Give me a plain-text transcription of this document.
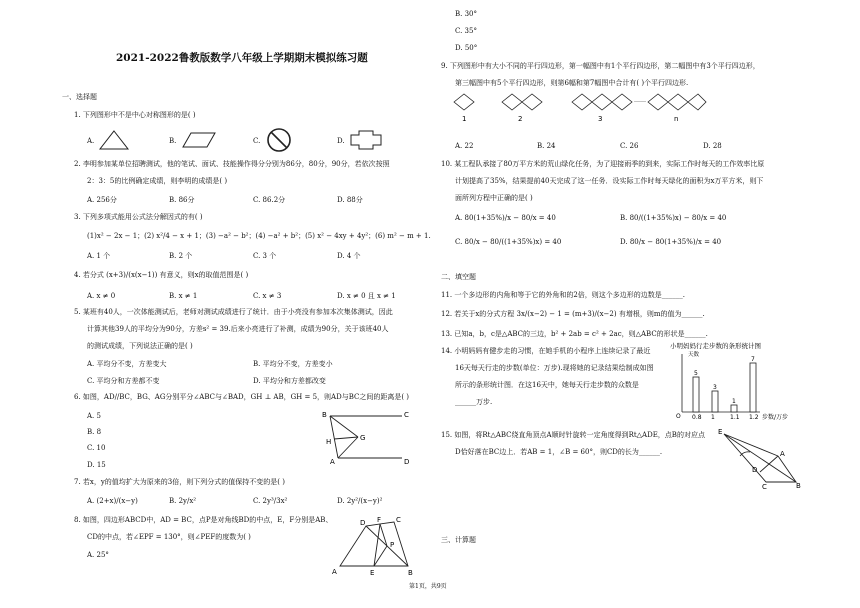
2021-2022鲁教版数学八年级上学期期末模拟练习题
一、选择题
1. 下列图形中不是中心对称图形的是( )
A.	B.	C.	D.
2. 李明参加某单位招聘测试，他的笔试、面试、技能操作得分分别为86分，80分，90分，若依次按照
2：3：5的比例确定成绩，则李明的成绩是( )
A. 256分	B. 86分	C. 86.2分	D. 88分
3. 下列多项式能用公式法分解因式的有( )
(1)x² − 2x − 1；(2) x²/4 − x + 1；(3) −a² − b²；(4) −a² + b²；(5) x² − 4xy + 4y²；(6) m² − m + 1.
A. 1 个	B. 2 个	C. 3 个	D. 4 个
4. 若分式 (x+3)/(x(x−1)) 有意义，则x的取值范围是( )
A. x ≠ 0	B. x ≠ 1	C. x ≠ 3	D. x ≠ 0 且 x ≠ 1
5. 某班有40人，一次体能测试后，老师对测试成绩进行了统计．由于小亮没有参加本次集体测试，因此
计算其他39人的平均分为90分，方差s² = 39.后来小亮进行了补测，成绩为90分，关于该班40人
的测试成绩，下列说法正确的是( )
A. 平均分不变，方差变大	B. 平均分不变，方差变小
C. 平均分和方差都不变	D. 平均分和方差都改变
6. 如图，AD//BC，BG、AG分别平分∠ABC与∠BAD，GH ⊥ AB，GH = 5，则AD与BC之间的距离是( )
A. 5
B. 8
C. 10
D. 15
B	C
A	D
G
H
7. 若x，y的值均扩大为原来的3倍，则下列分式的值保持不变的是( )
A. (2+x)/(x−y)	B. 2y/x²	C. 2y³/3x²	D. 2y²/(x−y)²
8. 如图，四边形ABCD中，AD = BC，点P是对角线BD的中点，E，F分别是AB、
CD的中点，若∠EPF = 130°，则∠PEF的度数为( )
A. 25°
D F C
P
A	E	B
第1页，共9页
B. 30°
C. 35°
D. 50°
9. 下列图形中有大小不同的平行四边形，第一幅图中有1个平行四边形，第二幅图中有3个平行四边形，
第三幅图中有5个平行四边形，则第6幅和第7幅图中合计有( )个平行四边形.
1	2	3
……
n
A. 22	B. 24	C. 26	D. 28
10. 某工程队承接了80万平方米的荒山绿化任务，为了迎接雨季的到来，实际工作时每天的工作效率比原
计划提高了35%，结果提前40天完成了这一任务．设实际工作时每天绿化的面积为x万平方米，则下
面所列方程中正确的是( )
A. 80(1+35%)/x − 80/x = 40	B. 80/((1+35%)x) − 80/x = 40
C. 80/x − 80/((1+35%)x) = 40	D. 80/x − 80(1+35%)/x = 40
二、填空题
11. 一个多边形的内角和等于它的外角和的2倍，则这个多边形的边数是______.
12. 若关于x的分式方程 3x/(x−2) − 1 = (m+3)/(x−2) 有增根，则m的值为______.
13. 已知a，b，c是△ABC的三边，b² + 2ab = c² + 2ac，则△ABC的形状是______.
14. 小明妈妈有健步走的习惯，在她手机的小程序上连续记录了最近
16天每天行走的步数(单位：万步).现将她的记录结果绘制成如图
所示的条形统计图．在这16天中，她每天行走步数的众数是
______万步.
小明妈妈行走步数的条形统计图
天数
O	步数/万步
5
0.8
3
1
1
1.1
7
1.2
15. 如图，将Rt△ABC绕直角顶点A顺时针旋转一定角度得到Rt△ADE，点B的对应点
D恰好落在BC边上．若AB = 1，∠B = 60°，则CD的长为______.
E
A
D
B
C
三、计算题
